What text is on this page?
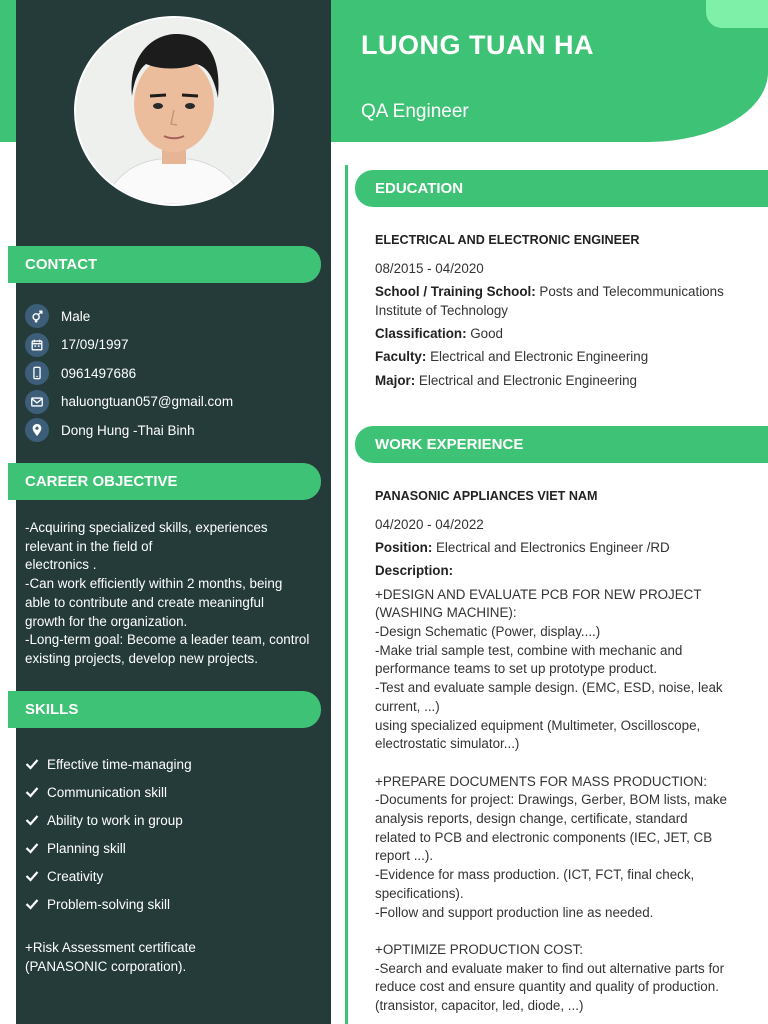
LUONG TUAN HA
QA Engineer
CONTACT
Male
17/09/1997
0961497686
haluongtuan057@gmail.com
Dong Hung -Thai Binh
CAREER OBJECTIVE
-Acquiring specialized skills, experiences
relevant in the field of
electronics .
-Can work efficiently within 2 months, being
able to contribute and create meaningful
growth for the organization.
-Long-term goal: Become a leader team, control
existing projects, develop new projects.
SKILLS
Effective time-managing
Communication skill
Ability to work in group
Planning skill
Creativity
Problem-solving skill
+Risk Assessment certificate
(PANASONIC corporation).
EDUCATION
ELECTRICAL AND ELECTRONIC ENGINEER
08/2015 - 04/2020
School / Training School: Posts and Telecommunications Institute of Technology
Classification: Good
Faculty: Electrical and Electronic Engineering
Major: Electrical and Electronic Engineering
WORK EXPERIENCE
PANASONIC APPLIANCES VIET NAM
04/2020 - 04/2022
Position: Electrical and Electronics Engineer /RD
Description:
+DESIGN AND EVALUATE PCB FOR NEW PROJECT
(WASHING MACHINE):
-Design Schematic (Power, display....)
-Make trial sample test, combine with mechanic and
performance teams to set up prototype product.
-Test and evaluate sample design. (EMC, ESD, noise, leak
current, ...)
using specialized equipment (Multimeter, Oscilloscope,
electrostatic simulator...)

+PREPARE DOCUMENTS FOR MASS PRODUCTION:
-Documents for project: Drawings, Gerber, BOM lists, make
analysis reports, design change, certificate, standard
related to PCB and electronic components (IEC, JET, CB
report ...).
-Evidence for mass production. (ICT, FCT, final check,
specifications).
-Follow and support production line as needed.

+OPTIMIZE PRODUCTION COST:
-Search and evaluate maker to find out alternative parts for
reduce cost and ensure quantity and quality of production.
(transistor, capacitor, led, diode, ...)
